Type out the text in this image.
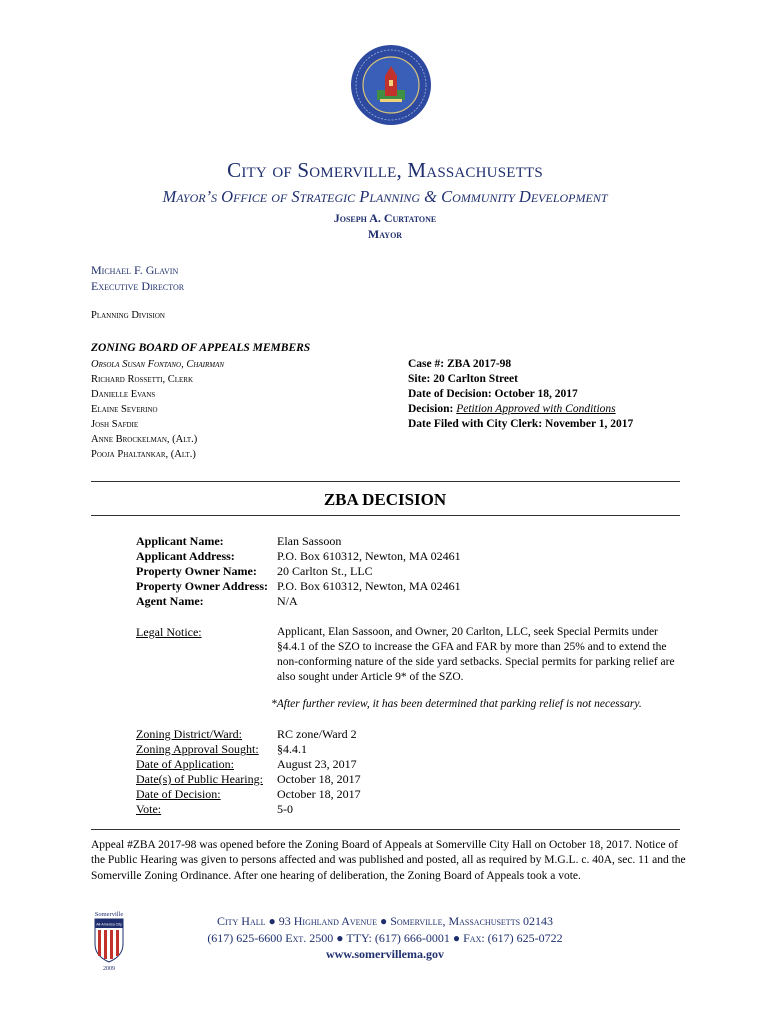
City of Somerville, Massachusetts
Mayor’s Office of Strategic Planning & Community Development
Joseph A. Curtatone
Mayor
Michael F. Glavin
Executive Director
Planning Division
ZONING BOARD OF APPEALS MEMBERS
Orsola Susan Fontano, Chairman
Richard Rossetti, Clerk
Danielle Evans
Elaine Severino
Josh Safdie
Anne Brockelman, (Alt.)
Pooja Phaltankar, (Alt.)
Case #: ZBA 2017-98
Site: 20 Carlton Street
Date of Decision: October 18, 2017
Decision: Petition Approved with Conditions
Date Filed with City Clerk: November 1, 2017
ZBA DECISION
Applicant Name:	Elan Sassoon
Applicant Address:	P.O. Box 610312, Newton, MA 02461
Property Owner Name: 20 Carlton St., LLC
Property Owner Address: P.O. Box 610312, Newton, MA 02461
Agent Name:	N/A
Legal Notice:	Applicant, Elan Sassoon, and Owner, 20 Carlton, LLC, seek Special Permits under §4.4.1 of the SZO to increase the GFA and FAR by more than 25% and to extend the non-conforming nature of the side yard setbacks. Special permits for parking relief are also sought under Article 9* of the SZO.
*After further review, it has been determined that parking relief is not necessary.
Zoning District/Ward:	RC zone/Ward 2
Zoning Approval Sought: §4.4.1
Date of Application:	August 23, 2017
Date(s) of Public Hearing: October 18, 2017
Date of Decision:	October 18, 2017
Vote:	5-0
Appeal #ZBA 2017-98 was opened before the Zoning Board of Appeals at Somerville City Hall on October 18, 2017. Notice of the Public Hearing was given to persons affected and was published and posted, all as required by M.G.L. c. 40A, sec. 11 and the Somerville Zoning Ordinance. After one hearing of deliberation, the Zoning Board of Appeals took a vote.
Somerville
All-America City
2009
City Hall ● 93 Highland Avenue ● Somerville, Massachusetts 02143
(617) 625-6600 Ext. 2500 ● TTY: (617) 666-0001 ● Fax: (617) 625-0722
www.somervillema.gov
